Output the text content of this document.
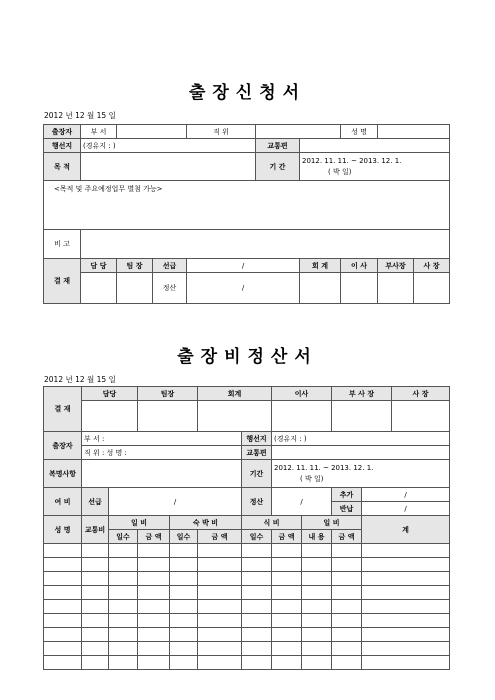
출장신청서
2012 년 12 월 15 일
출장자	부 서			직 위			성 명		
행선지	(경유지 : )				교통편				
목 적					기 간	2012. 11. 11. ~ 2013. 12. 1.
( 박 일)			

<목적 및 주요예정업무 별첨 가능>									
비 고									
결 재	담 당	팀 장	선급	/		회 계	이 사	부사장	사 장
			정산	/					
출장비정산서
2012 년 12 월 15 일
결 재	담당		팀장		회계		이사		부 사 장		사 장

출장자	부 서 :					행선지	(경유지 : )				
	직 위 : 성 명 :					교통편					
복명사항						기간	2012. 11. 11. ~ 2013. 12. 1.
( 박 일)				

여 비	선급	/				정산	/		추가	/	
									반납	/	
성 명	교통비	일 비		숙 박 비		식 비		일 비		계	
		일수	금 액	일수	금 액	일수	금 액	내 용	금 액		
